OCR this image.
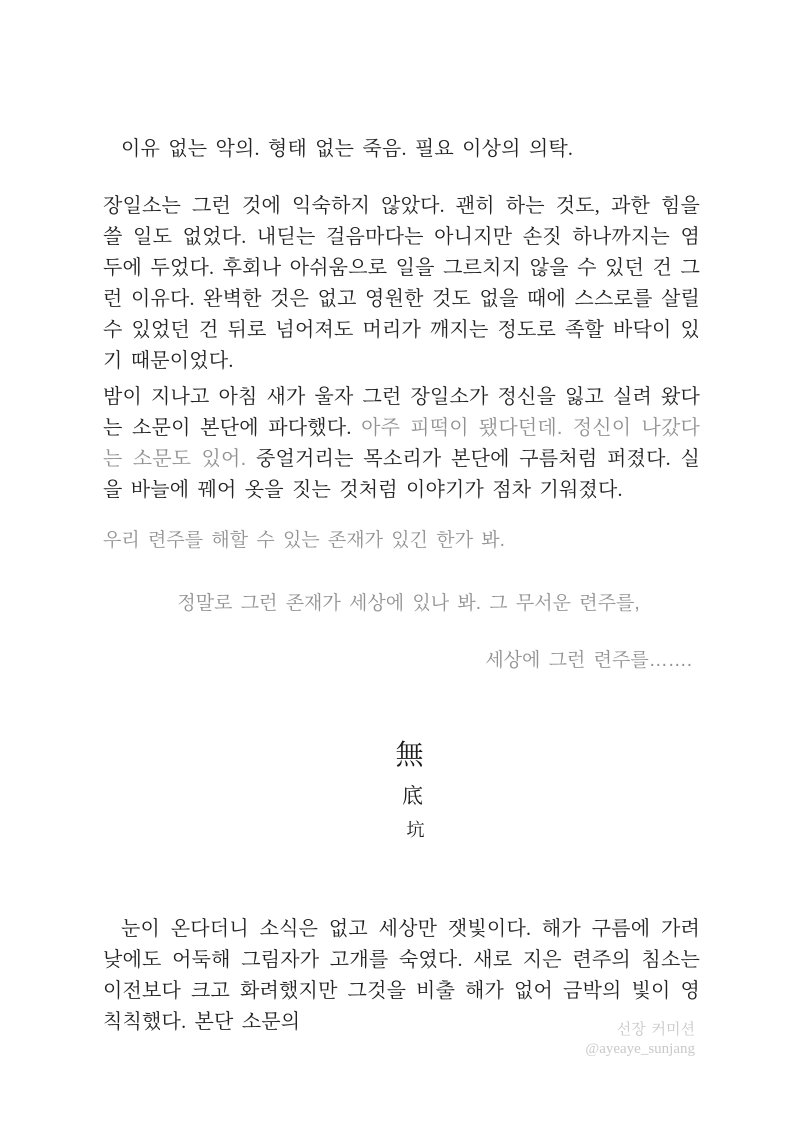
이유 없는 악의. 형태 없는 죽음. 필요 이상의 의탁.

장일소는 그런 것에 익숙하지 않았다. 괜히 하는 것도, 과한 힘을 쓸 일도 없었다. 내딛는 걸음마다는 아니지만 손짓 하나까지는 염두에 두었다. 후회나 아쉬움으로 일을 그르치지 않을 수 있던 건 그런 이유다. 완벽한 것은 없고 영원한 것도 없을 때에 스스로를 살릴 수 있었던 건 뒤로 넘어져도 머리가 깨지는 정도로 족할 바닥이 있기 때문이었다.

밤이 지나고 아침 새가 울자 그런 장일소가 정신을 잃고 실려 왔다는 소문이 본단에 파다했다. 아주 피떡이 됐다던데. 정신이 나갔다는 소문도 있어. 중얼거리는 목소리가 본단에 구름처럼 퍼졌다. 실을 바늘에 꿰어 옷을 짓는 것처럼 이야기가 점차 기워졌다.

우리 련주를 해할 수 있는 존재가 있긴 한가 봐.

정말로 그런 존재가 세상에 있나 봐. 그 무서운 련주를,

세상에 그런 련주를…….

無
底
坑

눈이 온다더니 소식은 없고 세상만 잿빛이다. 해가 구름에 가려 낮에도 어둑해 그림자가 고개를 숙였다. 새로 지은 련주의 침소는 이전보다 크고 화려했지만 그것을 비출 해가 없어 금박의 빛이 영 칙칙했다. 본단 소문의	선장 커미션
@ayeaye_sunjang
